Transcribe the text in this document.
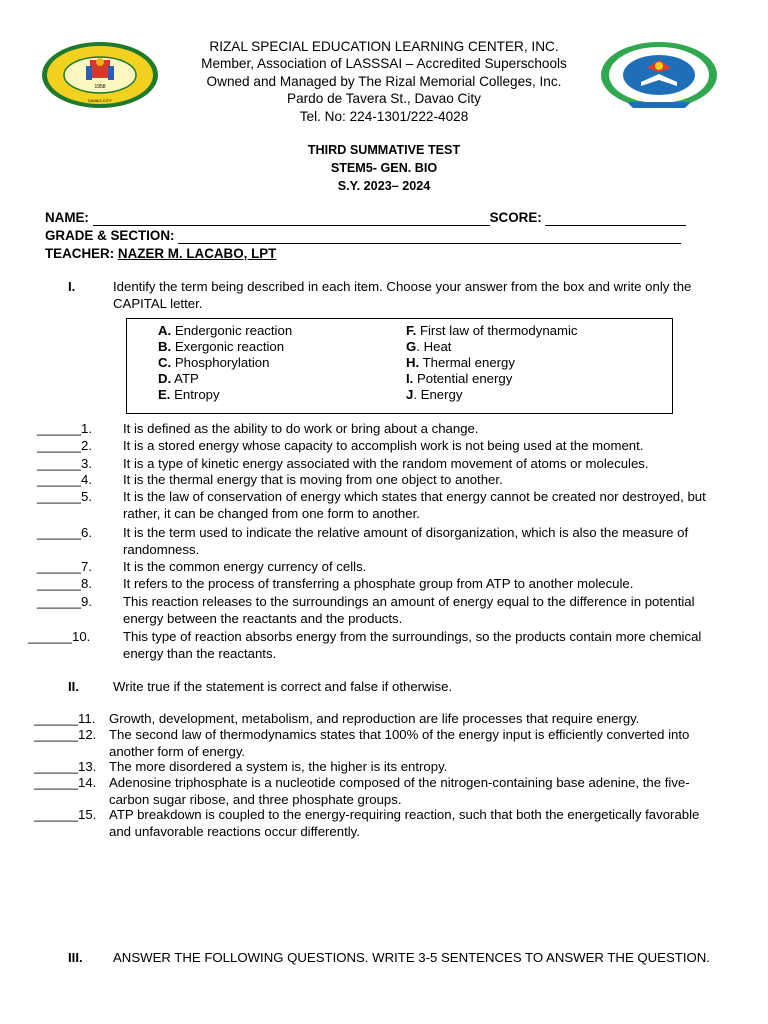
1958
DAVAO CITY
RIZAL SPECIAL EDUCATION LEARNING CENTER, INC.
Member, Association of LASSSAI – Accredited Superschools
Owned and Managed by The Rizal Memorial Colleges, Inc.
Pardo de Tavera St., Davao City
Tel. No: 224-1301/222-4028
THIRD SUMMATIVE TEST
STEM5- GEN. BIO
S.Y. 2023– 2024
NAME:	SCORE:
GRADE & SECTION:
TEACHER: NAZER M. LACABO, LPT
I.	Identify the term being described in each item. Choose your answer from the box and write only the CAPITAL letter.
A. Endergonic reaction
B. Exergonic reaction
C. Phosphorylation
D. ATP
E. Entropy
F. First law of thermodynamic
G. Heat
H. Thermal energy
I. Potential energy
J. Energy
______1. It is defined as the ability to do work or bring about a change.
______2. It is a stored energy whose capacity to accomplish work is not being used at the moment.
______3. It is a type of kinetic energy associated with the random movement of atoms or molecules.
______4. It is the thermal energy that is moving from one object to another.
______5. It is the law of conservation of energy which states that energy cannot be created nor destroyed, but rather, it can be changed from one form to another.
______6. It is the term used to indicate the relative amount of disorganization, which is also the measure of randomness.
______7. It is the common energy currency of cells.
______8. It refers to the process of transferring a phosphate group from ATP to another molecule.
______9. This reaction releases to the surroundings an amount of energy equal to the difference in potential energy between the reactants and the products.
______10. This type of reaction absorbs energy from the surroundings, so the products contain more chemical energy than the reactants.
II.	Write true if the statement is correct and false if otherwise.
______11. Growth, development, metabolism, and reproduction are life processes that require energy.
______12. The second law of thermodynamics states that 100% of the energy input is efficiently converted into another form of energy.
______13. The more disordered a system is, the higher is its entropy.
______14. Adenosine triphosphate is a nucleotide composed of the nitrogen-containing base adenine, the five-carbon sugar ribose, and three phosphate groups.
______15. ATP breakdown is coupled to the energy-requiring reaction, such that both the energetically favorable and unfavorable reactions occur differently.
III. ANSWER THE FOLLOWING QUESTIONS. WRITE 3-5 SENTENCES TO ANSWER THE QUESTION.
